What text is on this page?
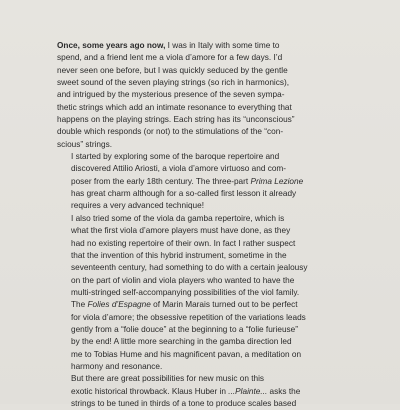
Once, some years ago now, I was in Italy with some time to
spend, and a friend lent me a viola d’amore for a few days. I’d
never seen one before, but I was quickly seduced by the gentle
sweet sound of the seven playing strings (so rich in harmonics),
and intrigued by the mysterious presence of the seven sympa-
thetic strings which add an intimate resonance to everything that
happens on the playing strings. Each string has its “unconscious”
double which responds (or not) to the stimulations of the “con-
scious” strings.

I started by exploring some of the baroque repertoire and
discovered Attilio Ariosti, a viola d’amore virtuoso and com-
poser from the early 18th century. The three-part Prima Lezione
has great charm although for a so-called first lesson it already
requires a very advanced technique!

I also tried some of the viola da gamba repertoire, which is
what the first viola d’amore players must have done, as they
had no existing repertoire of their own. In fact I rather suspect
that the invention of this hybrid instrument, sometime in the
seventeenth century, had something to do with a certain jealousy
on the part of violin and viola players who wanted to have the
multi-stringed self-accompanying possibilities of the viol family.

The Folies d’Espagne of Marin Marais turned out to be perfect
for viola d’amore; the obsessive repetition of the variations leads
gently from a “folie douce” at the beginning to a “folie furieuse”
by the end! A little more searching in the gamba direction led
me to Tobias Hume and his magnificent pavan, a meditation on
harmony and resonance.

But there are great possibilities for new music on this
exotic historical throwback. Klaus Huber in ...Plainte... asks the
strings to be tuned in thirds of a tone to produce scales based
